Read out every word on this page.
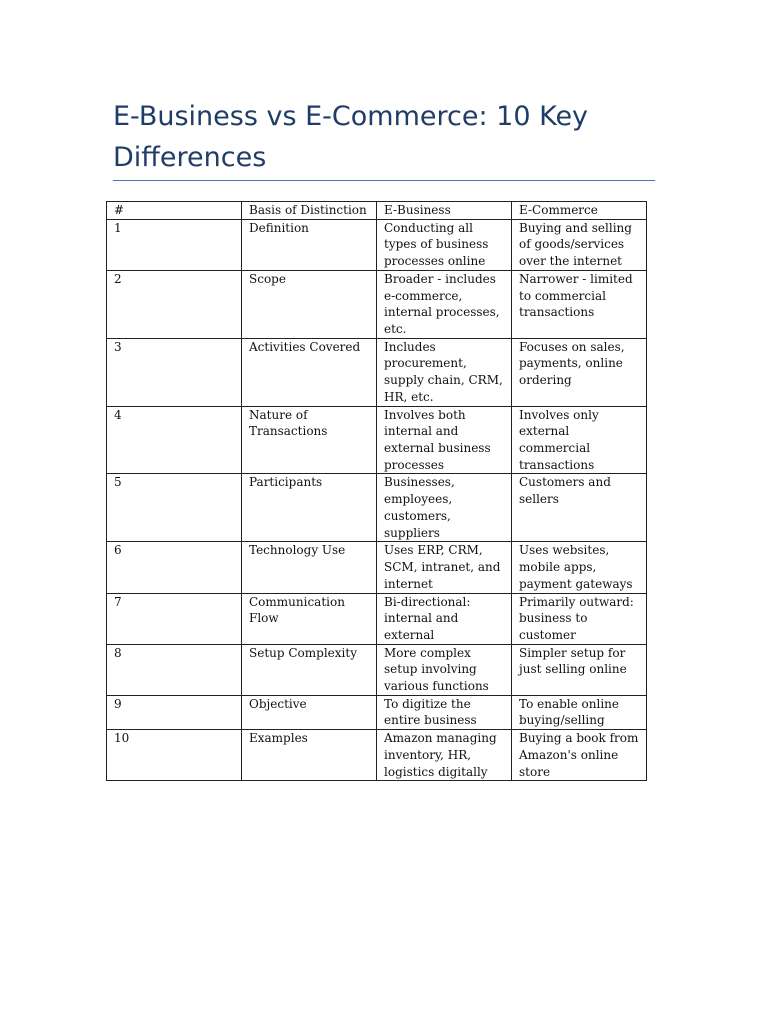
E-Business vs E-Commerce: 10 Key Differences
#	Basis of Distinction	E-Business	E-Commerce
1	Definition	Conducting all types of business processes online	Buying and selling of goods/services over the internet
2	Scope	Broader - includes e-commerce, internal processes, etc.	Narrower - limited to commercial transactions
3	Activities Covered	Includes procurement, supply chain, CRM, HR, etc.	Focuses on sales, payments, online ordering
4	Nature of Transactions	Involves both internal and external business processes	Involves only external commercial transactions
5	Participants	Businesses, employees, customers, suppliers	Customers and sellers
6	Technology Use	Uses ERP, CRM, SCM, intranet, and internet	Uses websites, mobile apps, payment gateways
7	Communication Flow	Bi-directional: internal and external	Primarily outward: business to customer
8	Setup Complexity	More complex setup involving various functions	Simpler setup for just selling online
9	Objective	To digitize the entire business	To enable online buying/selling
10	Examples	Amazon managing inventory, HR, logistics digitally	Buying a book from Amazon's online store
